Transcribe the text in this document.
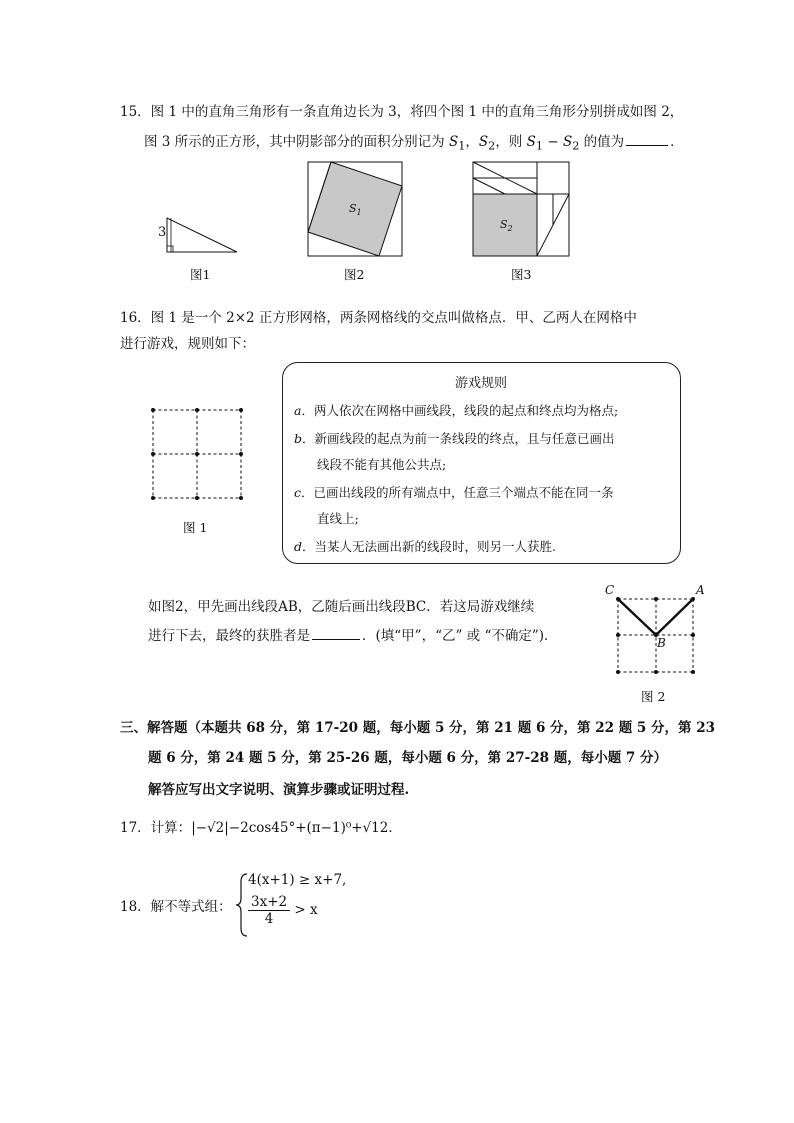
15．图 1 中的直角三角形有一条直角边长为 3，将四个图 1 中的直角三角形分别拼成如图 2，
图 3 所示的正方形，其中阴影部分的面积分别记为 $S_1$，$S_2$，则 $S_1 - S_2$ 的值为	．
3
图1
$S_1$
图2
$S_2$
图3
16．图 1 是一个 2×2 正方形网格，两条网格线的交点叫做格点．甲、乙两人在网格中
进行游戏，规则如下：
图 1
游戏规则
a．两人依次在网格中画线段，线段的起点和终点均为格点;
b．新画线段的起点为前一条线段的终点，且与任意已画出
线段不能有其他公共点;
c．已画出线段的所有端点中，任意三个端点不能在同一条
直线上;
d．当某人无法画出新的线段时，则另一人获胜.
如图2，甲先画出线段AB，乙随后画出线段BC．若这局游戏继续
进行下去，最终的获胜者是	．(填“甲”，“乙” 或 “不确定”)．
C	A
B
图 2
三、解答题（本题共 68 分，第 17-20 题，每小题 5 分，第 21 题 6 分，第 22 题 5 分，第 23
题 6 分，第 24 题 5 分，第 25-26 题，每小题 6 分，第 27-28 题，每小题 7 分）
解答应写出文字说明、演算步骤或证明过程.
17．计算：|−√2|−2cos45°+(π−1)⁰+√12．
18．解不等式组：
4(x+1) ≥ x+7,
$\frac{3x+2}{4} > x$
